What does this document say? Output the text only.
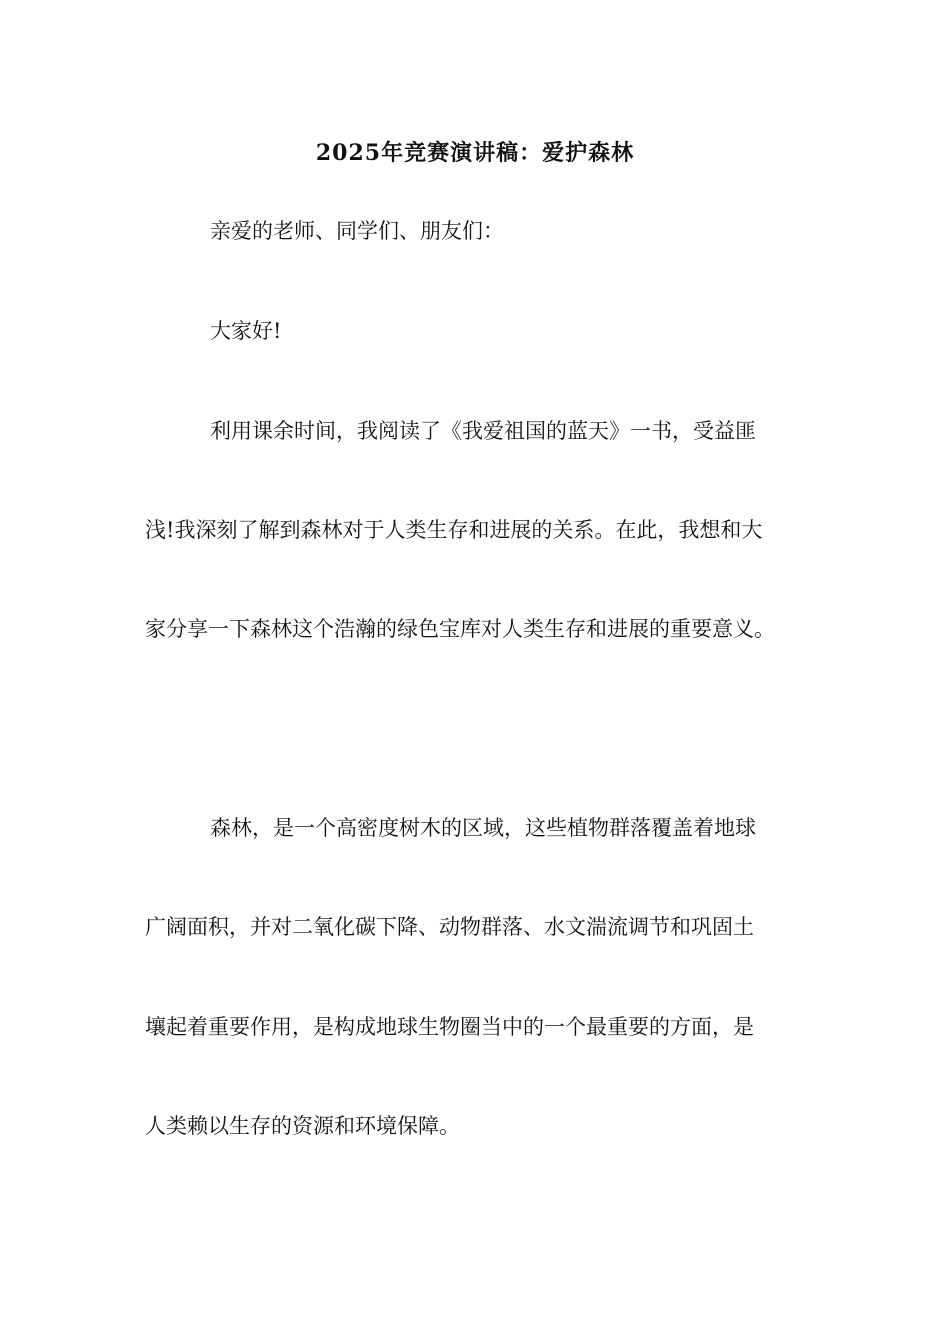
2025年竞赛演讲稿：爱护森林

亲爱的老师、同学们、朋友们：

大家好!

利用课余时间，我阅读了《我爱祖国的蓝天》一书，受益匪

浅!我深刻了解到森林对于人类生存和进展的关系。在此，我想和大

家分享一下森林这个浩瀚的绿色宝库对人类生存和进展的重要意义。

森林，是一个高密度树木的区域，这些植物群落覆盖着地球

广阔面积，并对二氧化碳下降、动物群落、水文湍流调节和巩固土

壤起着重要作用，是构成地球生物圈当中的一个最重要的方面，是

人类赖以生存的资源和环境保障。
